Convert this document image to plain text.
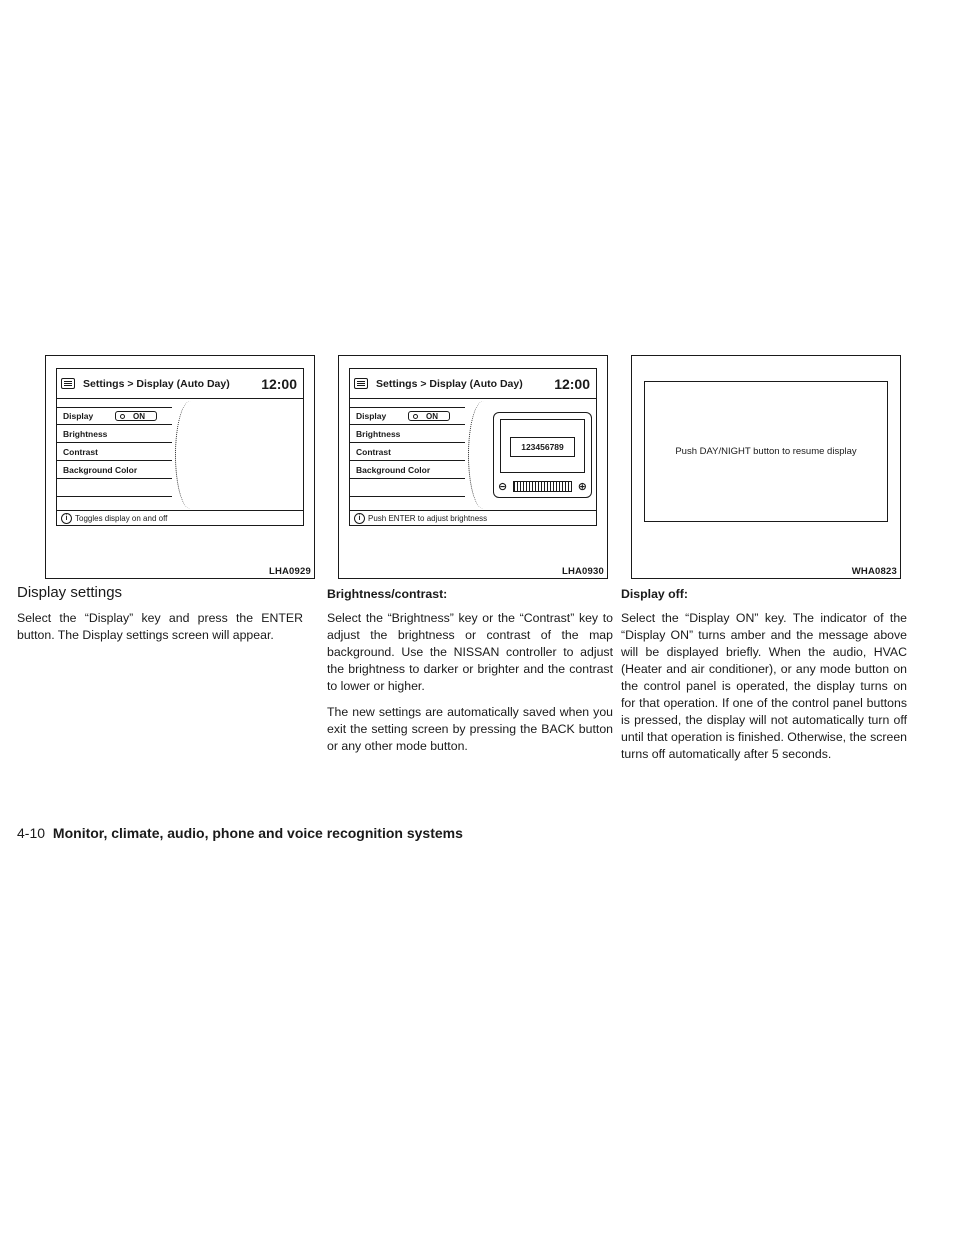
Settings > Display (Auto Day) 12:00
Display	ON
Brightness
Contrast
Background Color
i Toggles display on and off
LHA0929
Settings > Display (Auto Day) 12:00
Display	ON
Brightness
Contrast
Background Color
123456789
⊖	⊕
i Push ENTER to adjust brightness
LHA0930
Push DAY/NIGHT button to resume display
WHA0823
Display settings

Select the “Display” key and press the ENTER button. The Display settings screen will appear.

Brightness/contrast:

Select the “Brightness” key or the “Contrast” key to adjust the brightness or contrast of the map background. Use the NISSAN controller to adjust the brightness to darker or brighter and the contrast to lower or higher.

The new settings are automatically saved when you exit the setting screen by pressing the BACK button or any other mode button.

Display off:

Select the “Display ON” key. The indicator of the “Display ON” turns amber and the message above will be displayed briefly. When the audio, HVAC (Heater and air conditioner), or any mode button on the control panel is operated, the display turns on for that operation. If one of the control panel buttons is pressed, the display will not automatically turn off until that operation is finished. Otherwise, the screen turns off automatically after 5 seconds.

4-10 Monitor, climate, audio, phone and voice recognition systems
